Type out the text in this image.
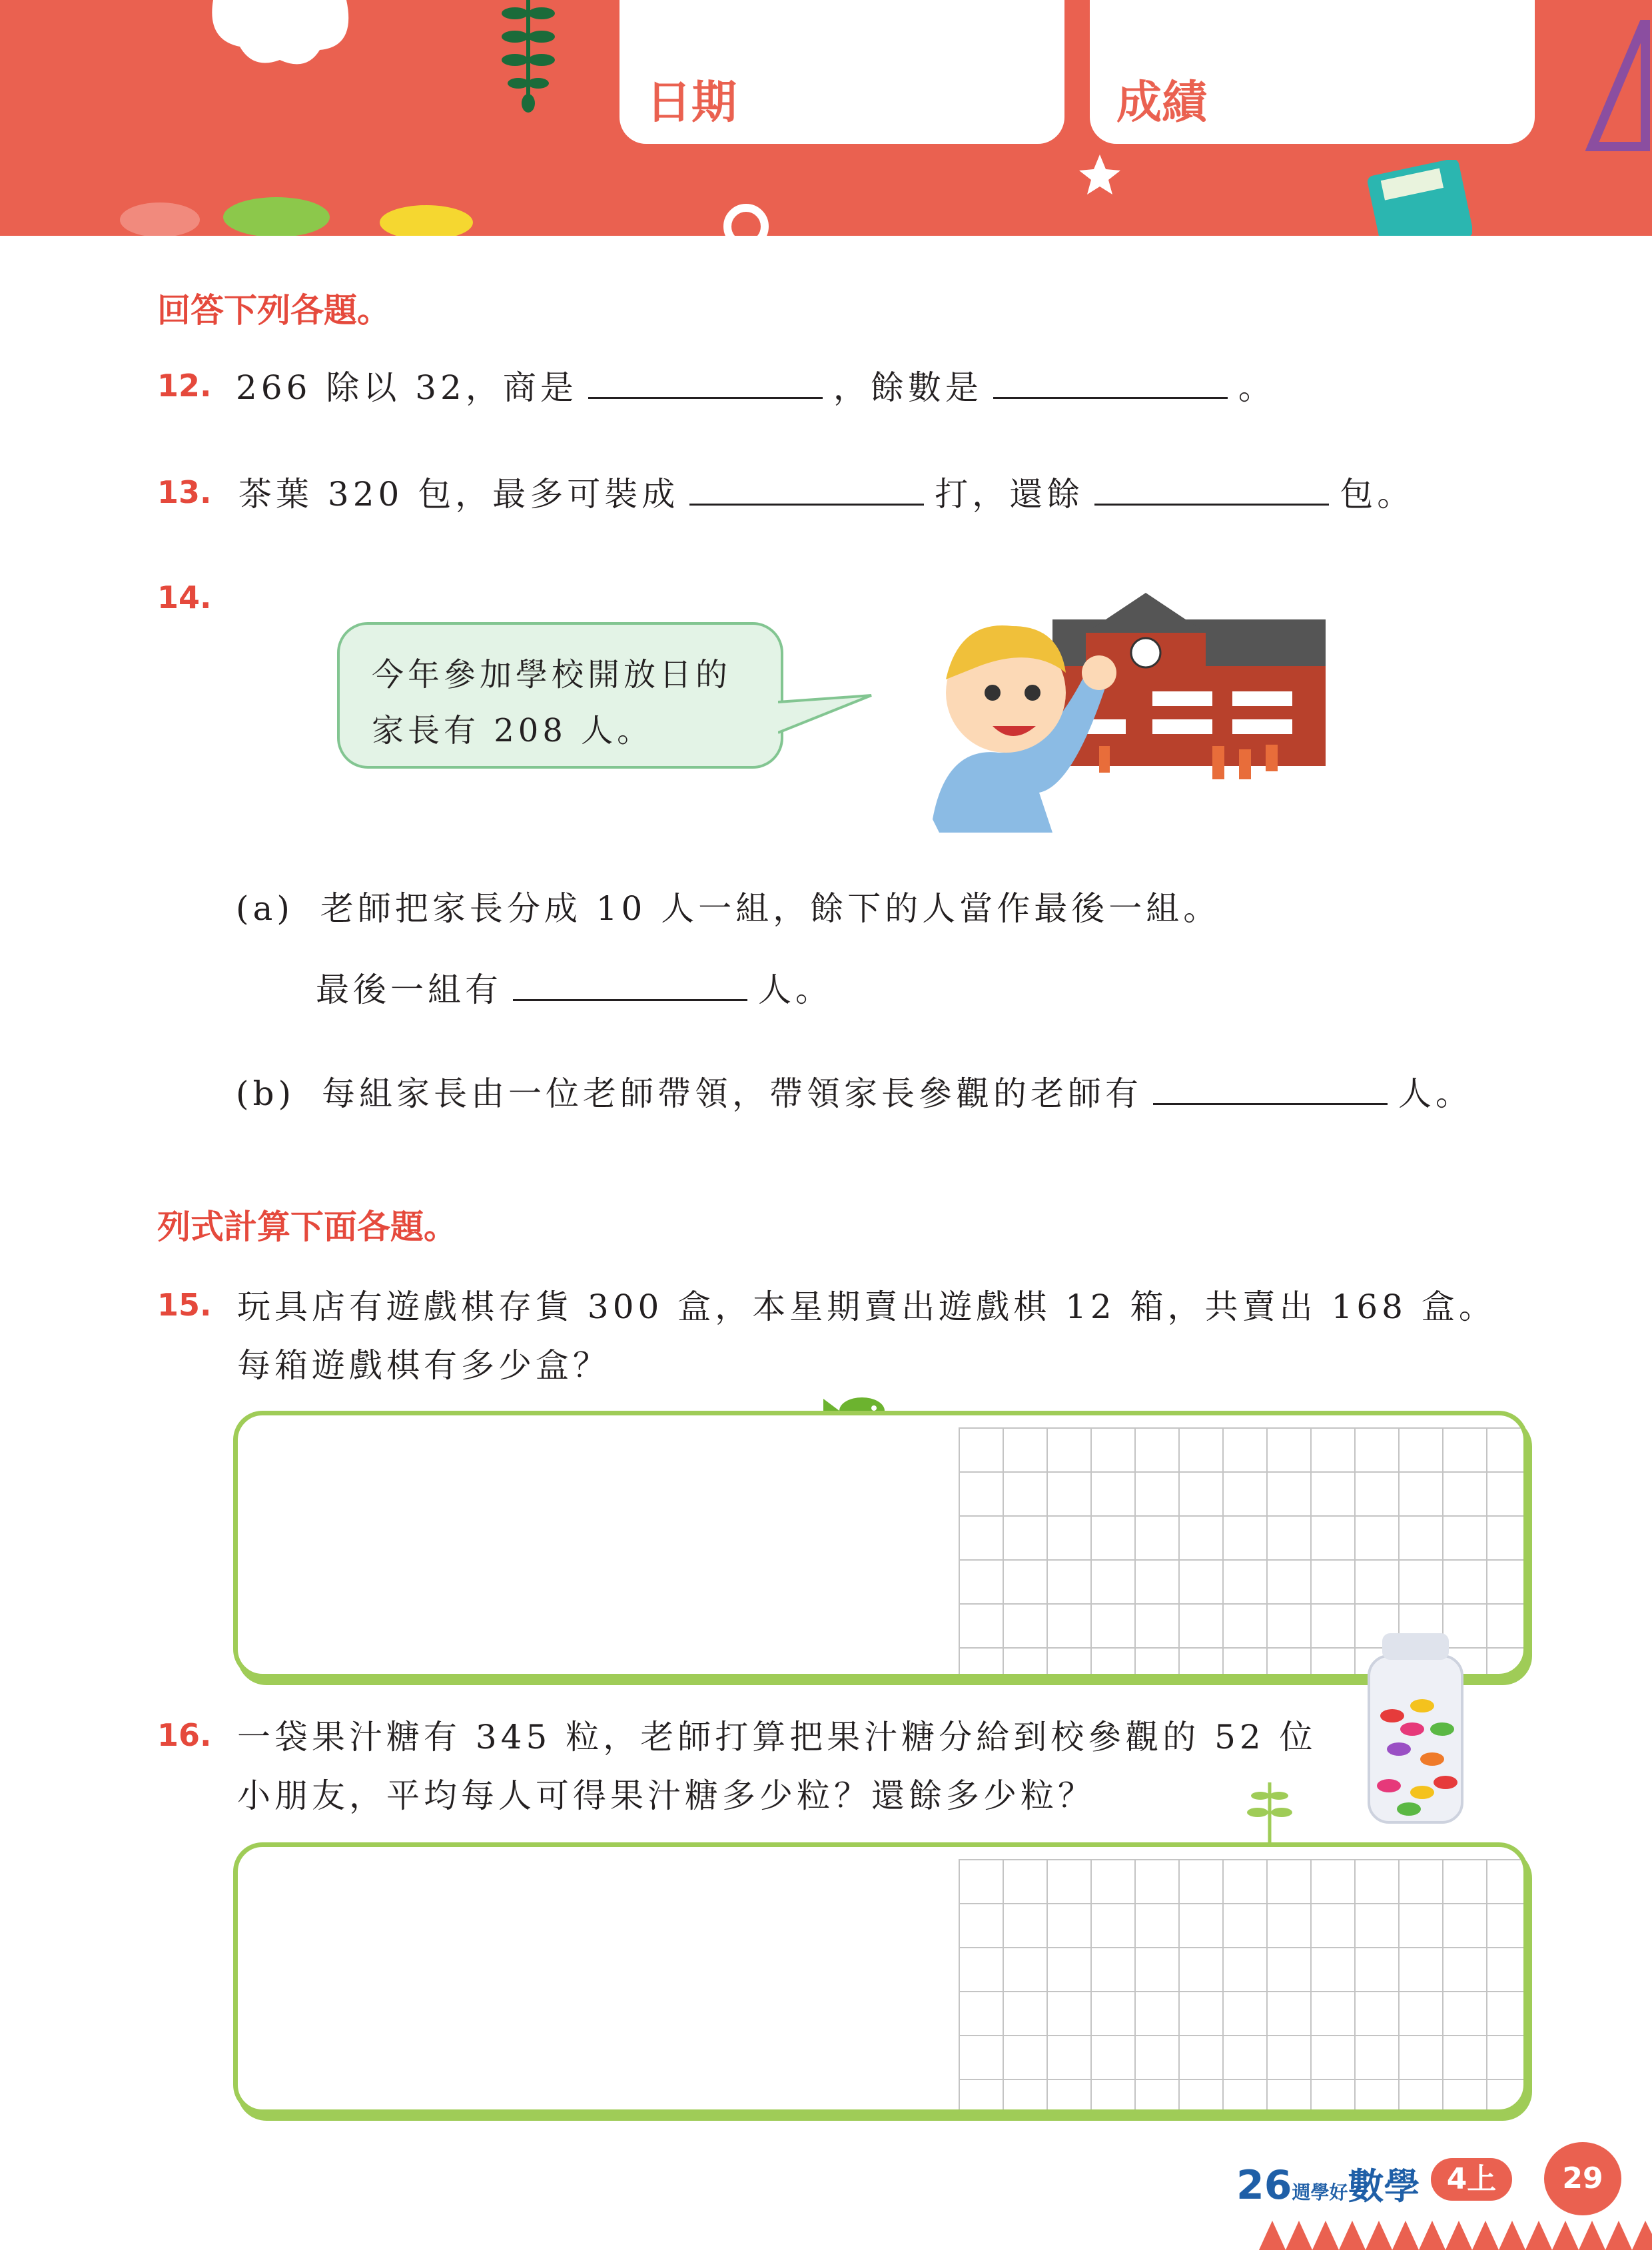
日期	成績
回答下列各題。
12. 266 除以 32，商是	，餘數是	。
13. 茶葉 320 包，最多可裝成	打，還餘	包。
14.
今年參加學校開放日的
家長有 208 人。
(a) 老師把家長分成 10 人一組，餘下的人當作最後一組。
最後一組有	人。
(b) 每組家長由一位老師帶領，帶領家長參觀的老師有	人。
列式計算下面各題。
15. 玩具店有遊戲棋存貨 300 盒，本星期賣出遊戲棋 12 箱，共賣出 168 盒。
每箱遊戲棋有多少盒？
16. 一袋果汁糖有 345 粒，老師打算把果汁糖分給到校參觀的 52 位
小朋友，平均每人可得果汁糖多少粒？還餘多少粒？
26週學好數學 4上	29
